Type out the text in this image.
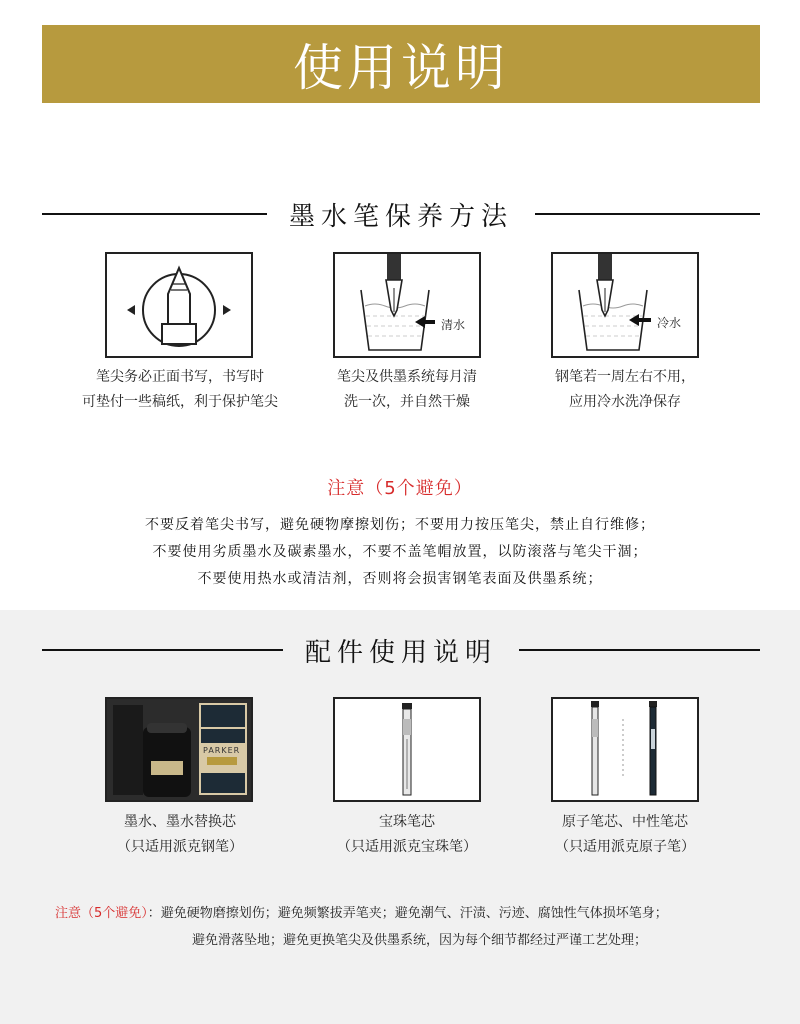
使用说明
墨水笔保养方法
笔尖务必正面书写，书写时
可垫付一些稿纸，利于保护笔尖
清水
笔尖及供墨系统每月清
洗一次，并自然干燥
冷水
钢笔若一周左右不用，
应用冷水洗净保存
注意（5个避免）
不要反着笔尖书写，避免硬物摩擦划伤；不要用力按压笔尖，禁止自行维修；
不要使用劣质墨水及碳素墨水，不要不盖笔帽放置，以防滚落与笔尖干涸；
不要使用热水或清洁剂，否则将会损害钢笔表面及供墨系统；
配件使用说明
PARKER
墨水、墨水替换芯
（只适用派克钢笔）
宝珠笔芯
（只适用派克宝珠笔）
原子笔芯、中性笔芯
（只适用派克原子笔）
注意（5个避免）：避免硬物磨擦划伤；避免频繁拔弄笔夹；避免潮气、汗渍、污迹、腐蚀性气体损坏笔身；
避免滑落坠地；避免更换笔尖及供墨系统，因为每个细节都经过严谨工艺处理；
